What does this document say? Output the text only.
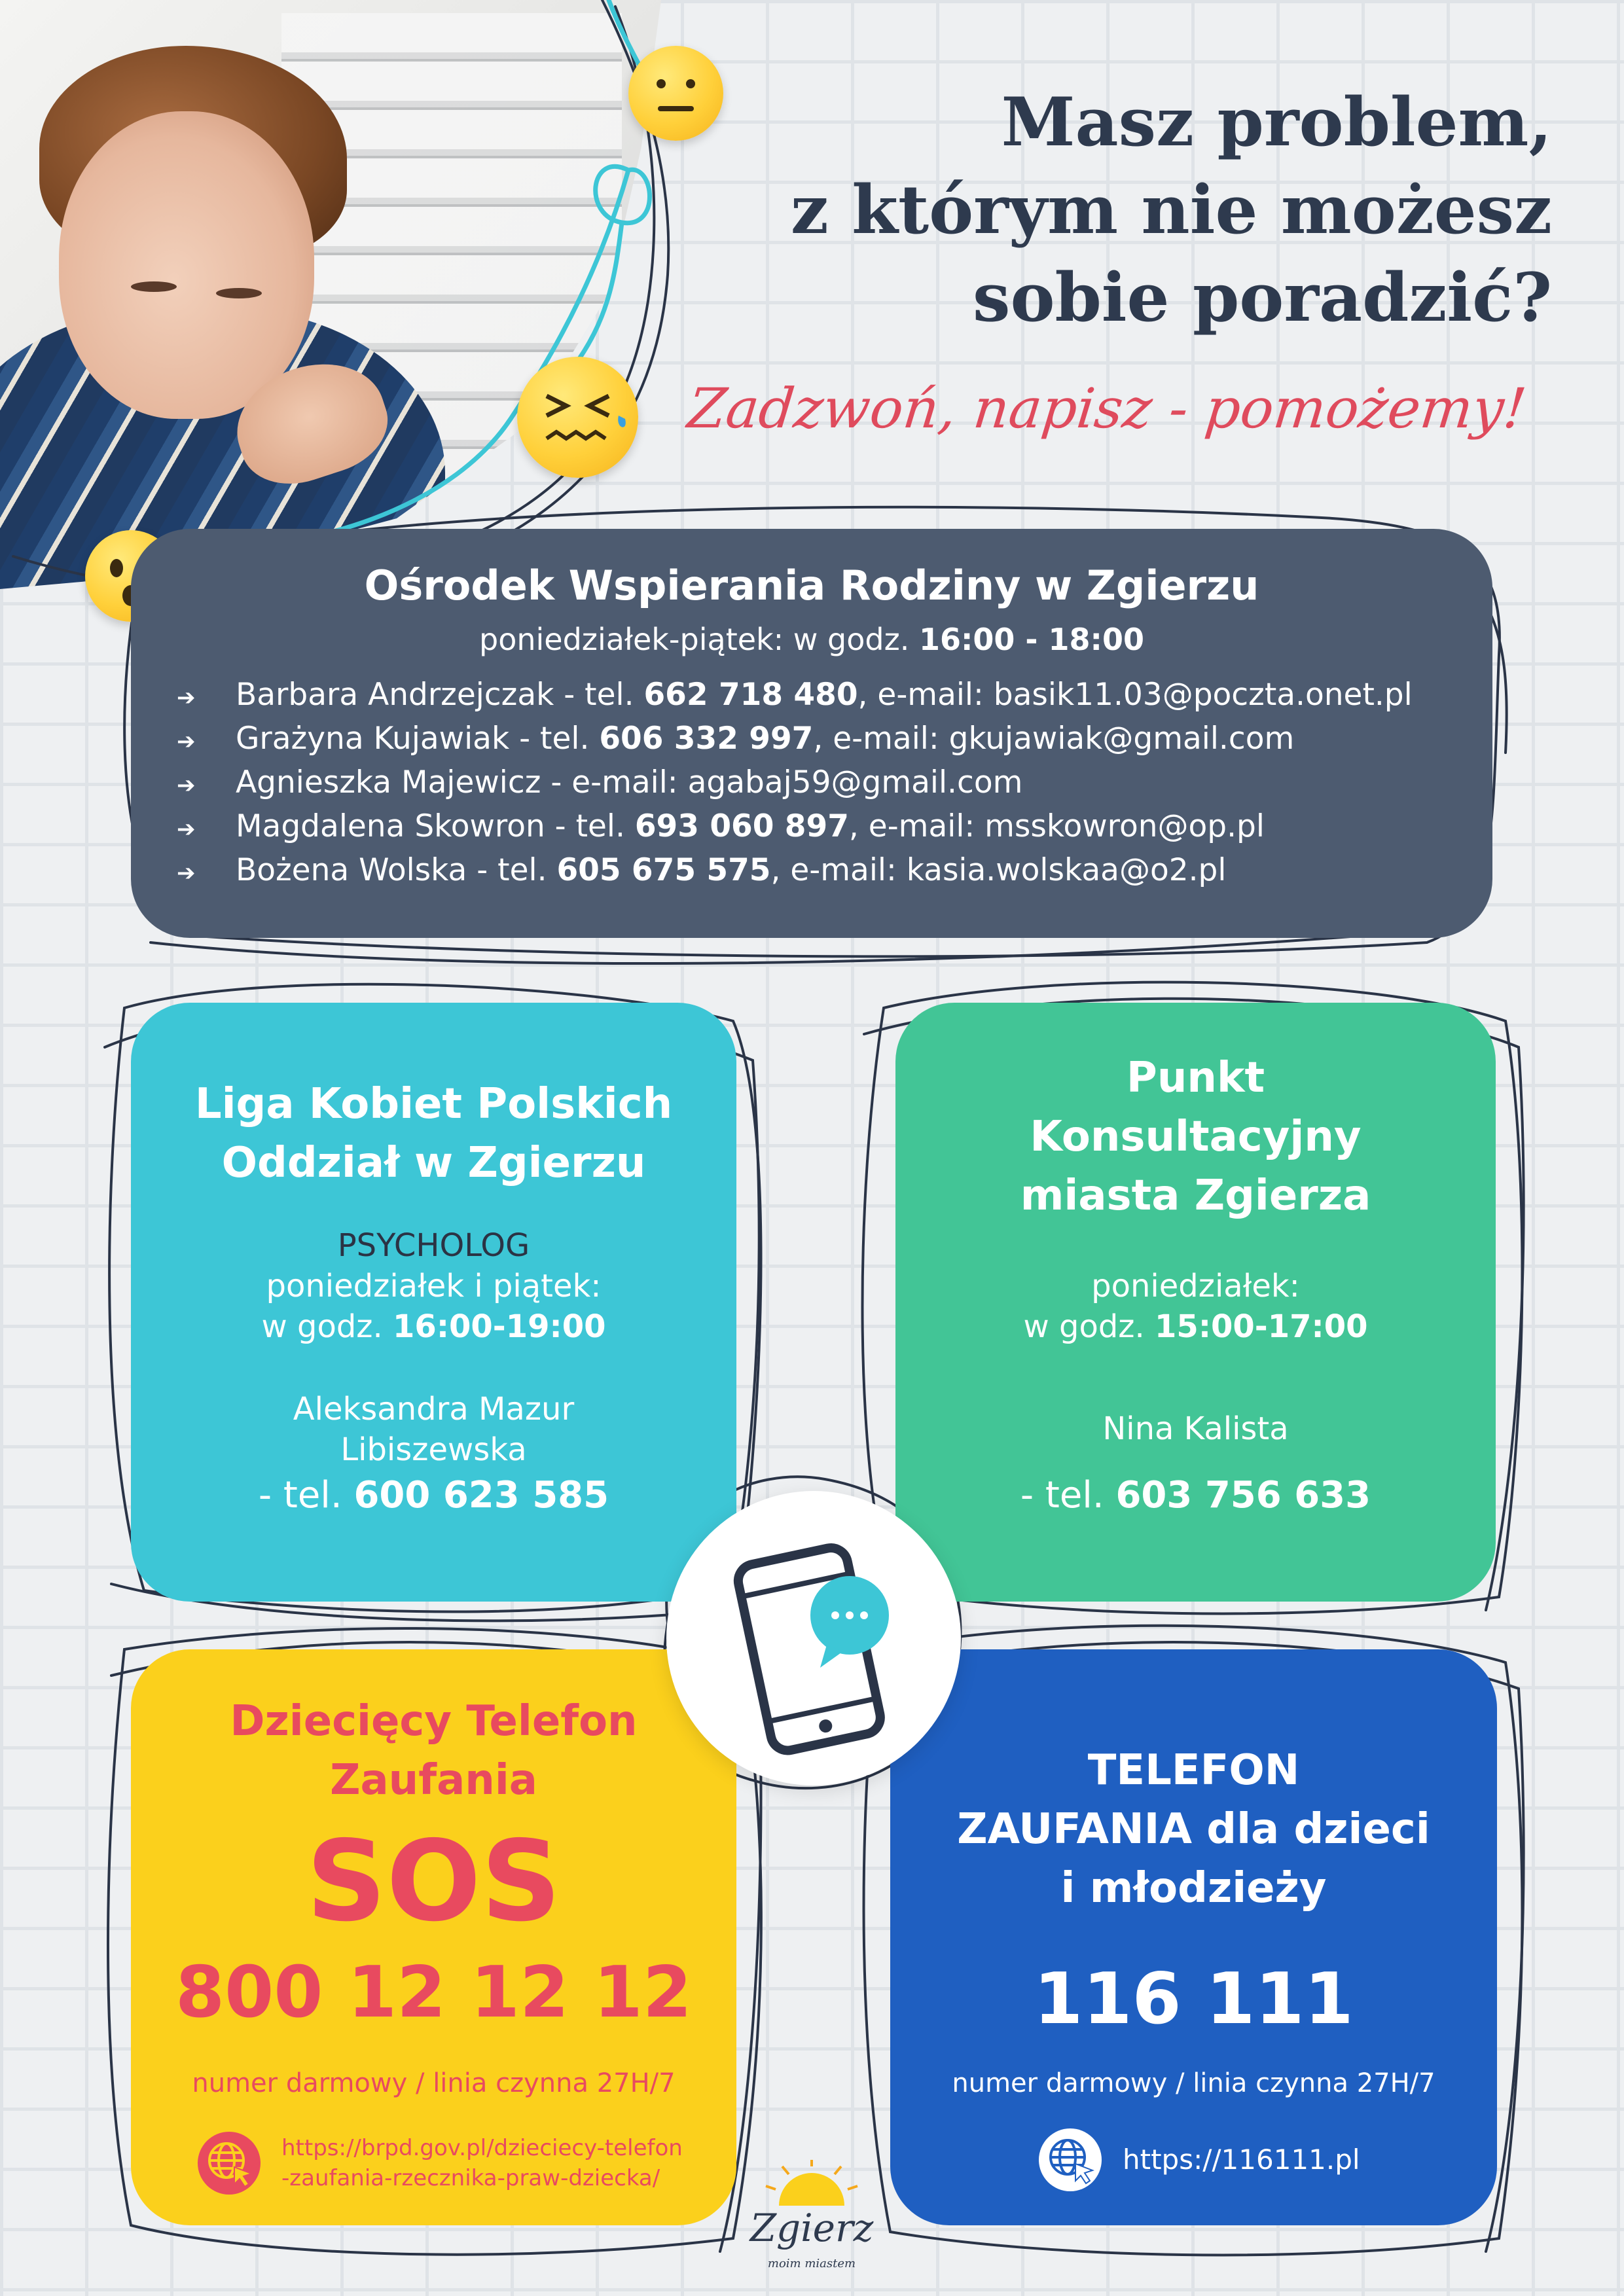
Masz problem,
z którym nie możesz
sobie poradzić?
Zadzwoń, napisz - pomożemy!
Ośrodek Wspierania Rodziny w Zgierzu
poniedziałek-piątek: w godz. 16:00 - 18:00
➔ Barbara Andrzejczak - tel. 662 718 480, e-mail: basik11.03@poczta.onet.pl
➔ Grażyna Kujawiak - tel. 606 332 997, e-mail: gkujawiak@gmail.com
➔ Agnieszka Majewicz - e-mail: agabaj59@gmail.com
➔ Magdalena Skowron - tel. 693 060 897, e-mail: msskowron@op.pl
➔ Bożena Wolska - tel. 605 675 575, e-mail: kasia.wolskaa@o2.pl
Liga Kobiet Polskich
Oddział w Zgierzu
PSYCHOLOG
poniedziałek i piątek:
w godz. 16:00-19:00
Aleksandra Mazur
Libiszewska
- tel. 600 623 585
Punkt
Konsultacyjny
miasta Zgierza
poniedziałek:
w godz. 15:00-17:00
Nina Kalista
- tel. 603 756 633
Dziecięcy Telefon
Zaufania
SOS
800 12 12 12
numer darmowy / linia czynna 27H/7
https://brpd.gov.pl/dzieciecy-telefon
-zaufania-rzecznika-praw-dziecka/
TELEFON
ZAUFANIA dla dzieci
i młodzieży
116 111
numer darmowy / linia czynna 27H/7
https://116111.pl
Zgierz
moim miastem
